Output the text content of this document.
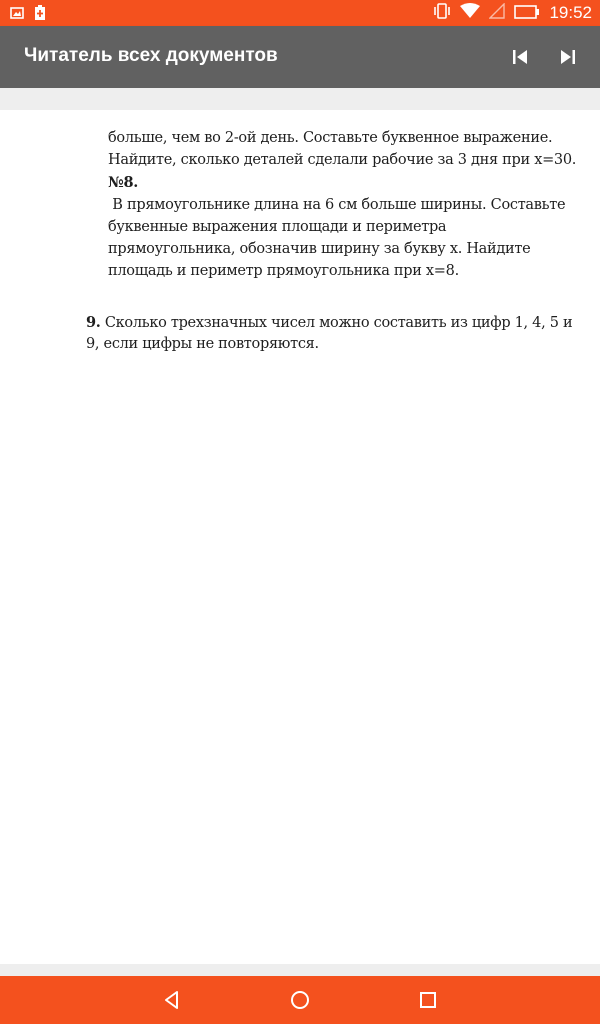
19:52
Читатель всех документов
больше, чем во 2-ой день. Составьте буквенное выражение.
Найдите, сколько деталей сделали рабочие за 3 дня при х=30.
№8.
В прямоугольнике длина на 6 см больше ширины. Составьте
буквенные выражения площади и периметра
прямоугольника, обозначив ширину за букву х. Найдите
площадь и периметр прямоугольника при х=8.
9. Сколько трехзначных чисел можно составить из цифр 1, 4, 5 и
9, если цифры не повторяются.
